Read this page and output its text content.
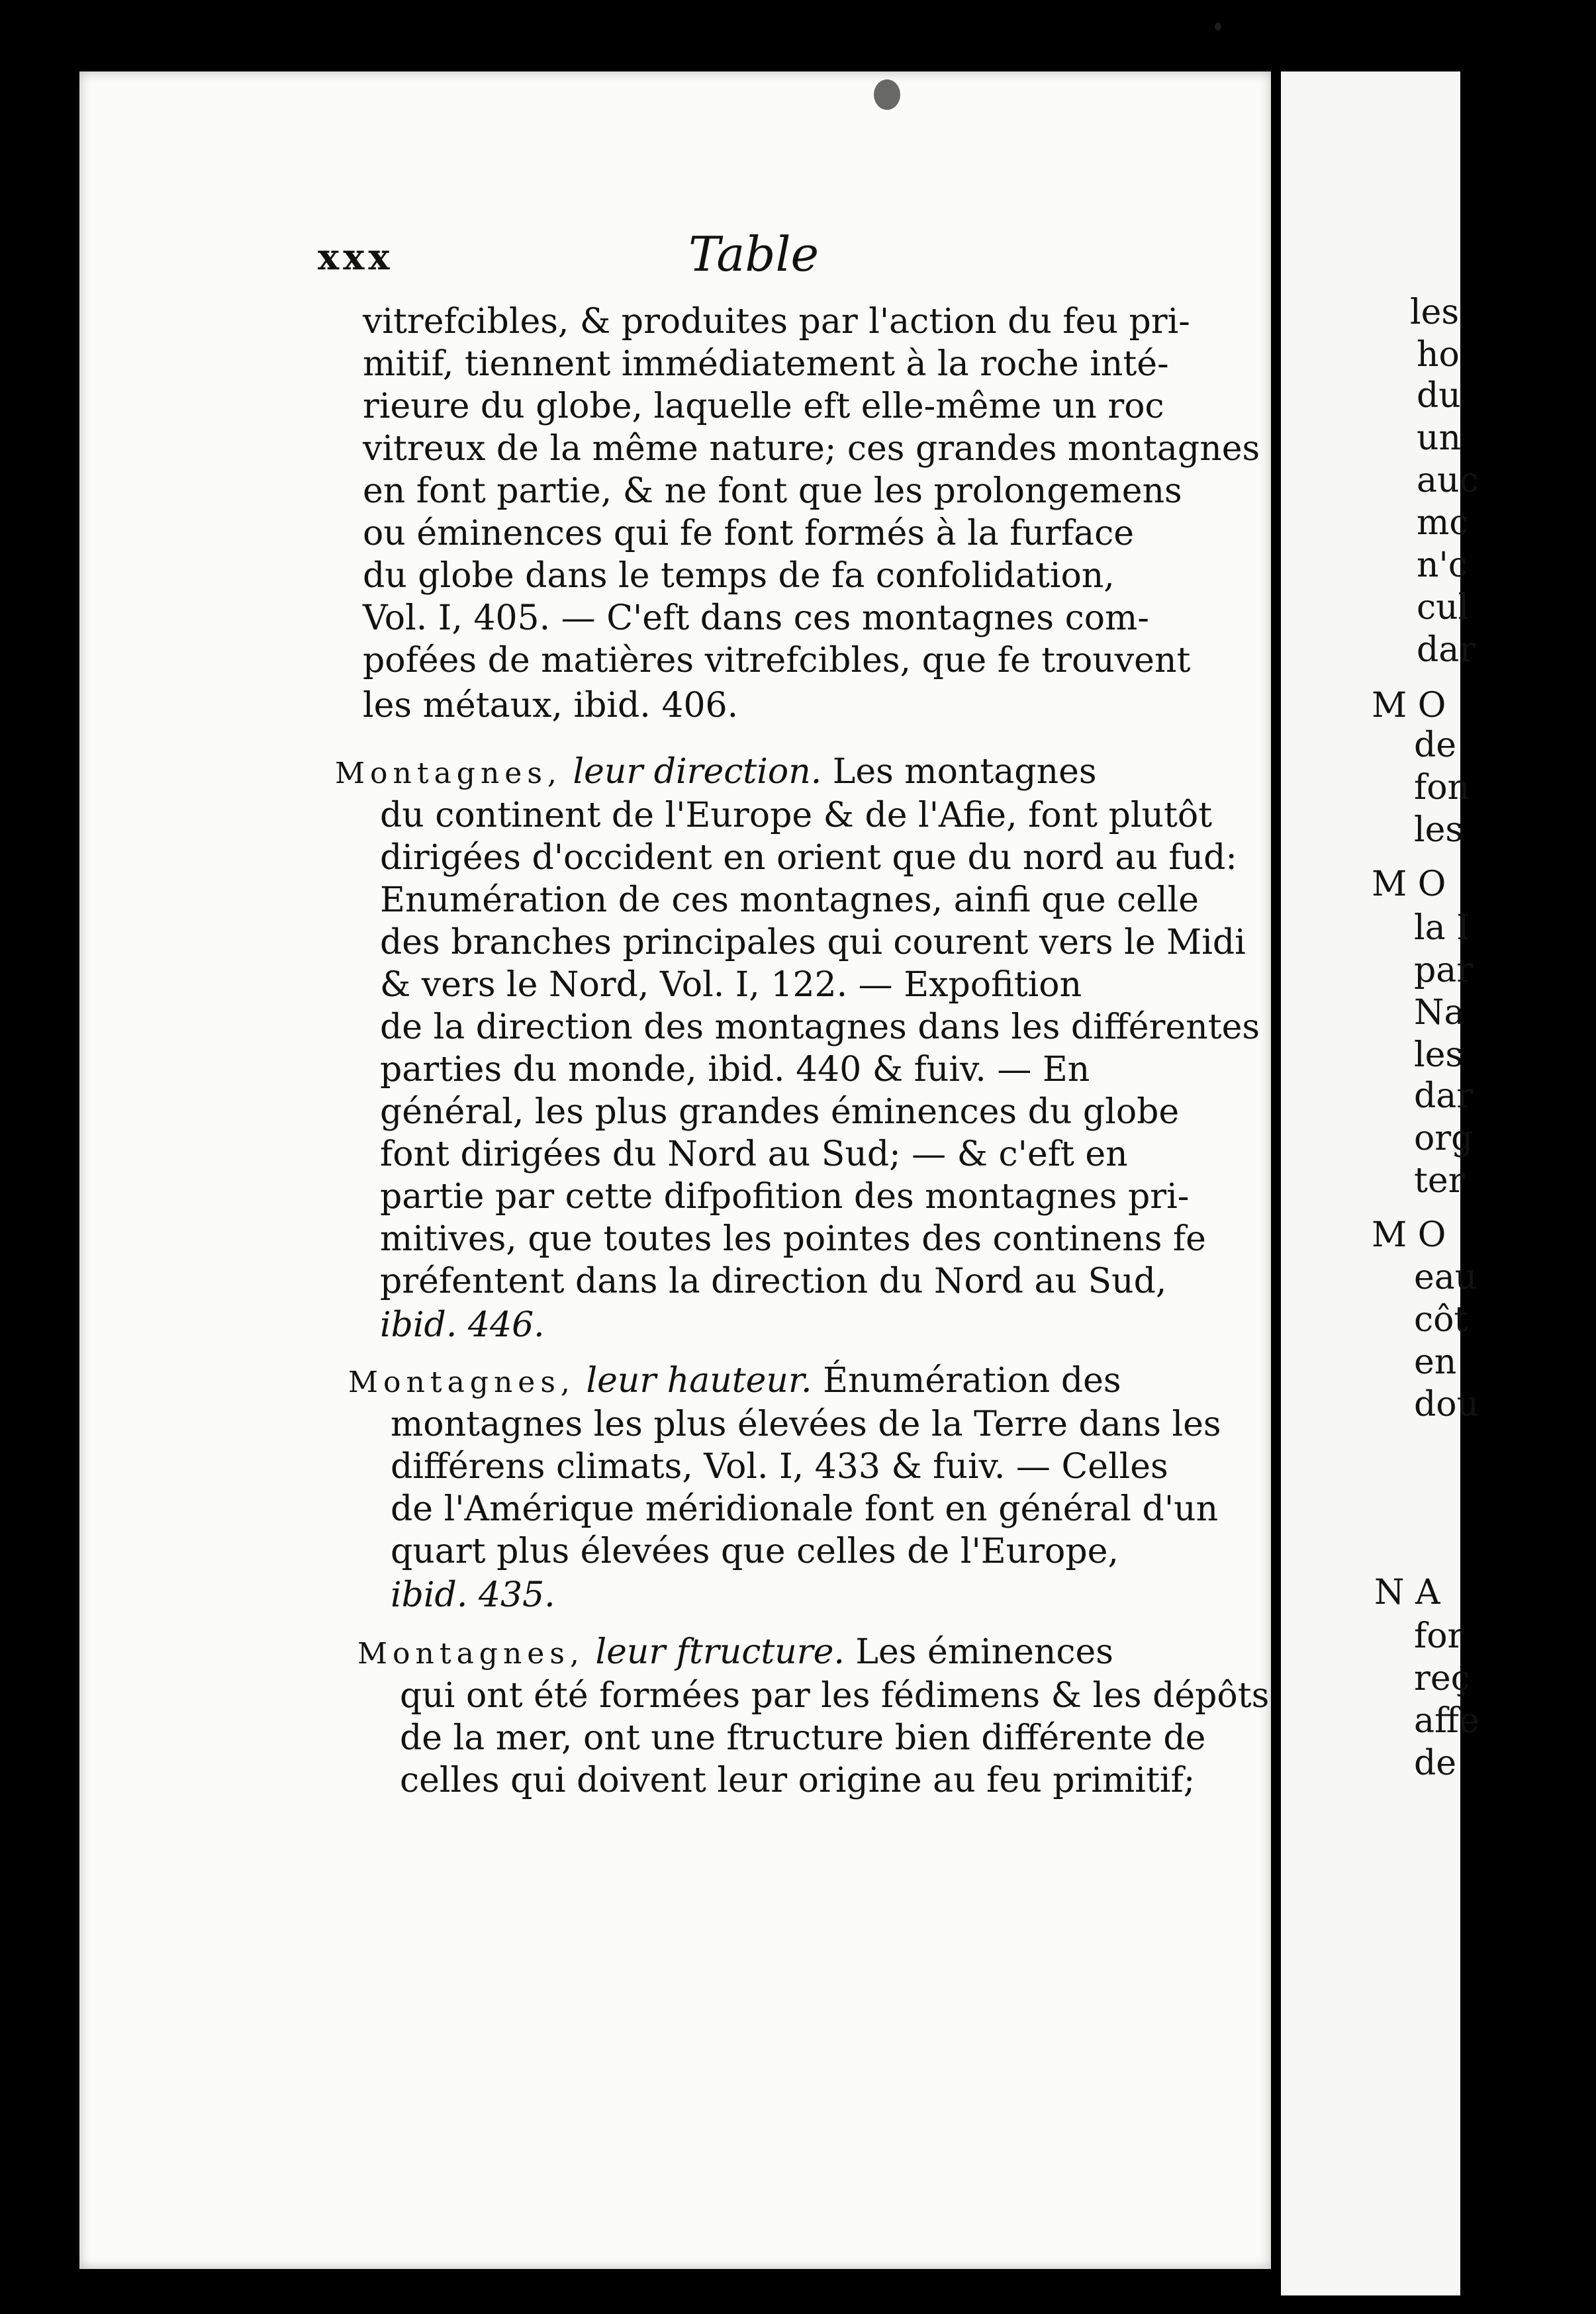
les
ho
du
un
auc
mc
n'c
cul
dar
M O
de
fon
les
M O
la I
par
Na
les
dar
org
ter
M O
eau
côt
en
dou
N A
for
reç
affe
de
xxx	Table
vitrefcibles, & produites par l'action du feu pri-
mitif, tiennent immédiatement à la roche inté-
rieure du globe, laquelle eft elle-même un roc
vitreux de la même nature; ces grandes montagnes
en font partie, & ne font que les prolongemens
ou éminences qui fe font formés à la furface
du globe dans le temps de fa confolidation,
Vol. I, 405. — C'eft dans ces montagnes com-
pofées de matières vitrefcibles, que fe trouvent
les métaux, ibid. 406.
Montagnes, leur direction. Les montagnes
du continent de l'Europe & de l'Afie, font plutôt
dirigées d'occident en orient que du nord au fud:
Enumération de ces montagnes, ainfi que celle
des branches principales qui courent vers le Midi
& vers le Nord, Vol. I, 122. — Expofition
de la direction des montagnes dans les différentes
parties du monde, ibid. 440 & fuiv. — En
général, les plus grandes éminences du globe
font dirigées du Nord au Sud; — & c'eft en
partie par cette difpofition des montagnes pri-
mitives, que toutes les pointes des continens fe
préfentent dans la direction du Nord au Sud,
ibid. 446.
Montagnes, leur hauteur. Énumération des
montagnes les plus élevées de la Terre dans les
différens climats, Vol. I, 433 & fuiv. — Celles
de l'Amérique méridionale font en général d'un
quart plus élevées que celles de l'Europe,
ibid. 435.
Montagnes, leur ftructure. Les éminences
qui ont été formées par les fédimens & les dépôts
de la mer, ont une ftructure bien différente de
celles qui doivent leur origine au feu primitif;
